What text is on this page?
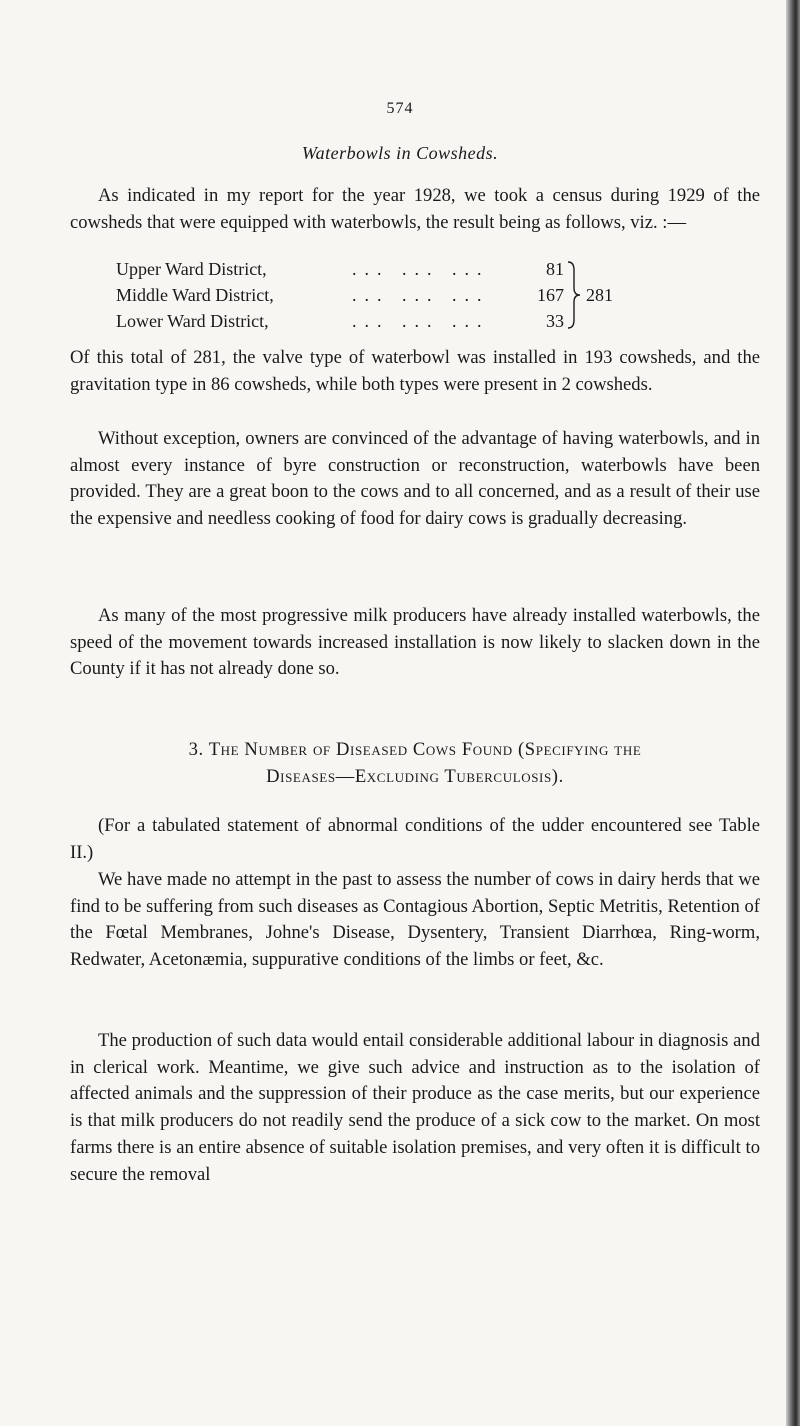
574
Waterbowls in Cowsheds.
As indicated in my report for the year 1928, we took a census during 1929 of the cowsheds that were equipped with waterbowls, the result being as follows, viz. :—
Upper Ward District,	... ... ...	81
Middle Ward District,	... ... ...	167
Lower Ward District,	... ... ...	33
281
Of this total of 281, the valve type of waterbowl was installed in 193 cowsheds, and the gravitation type in 86 cowsheds, while both types were present in 2 cowsheds.
Without exception, owners are convinced of the advantage of having waterbowls, and in almost every instance of byre construction or reconstruction, waterbowls have been provided. They are a great boon to the cows and to all concerned, and as a result of their use the expensive and needless cooking of food for dairy cows is gradually decreasing.
As many of the most progressive milk producers have already installed waterbowls, the speed of the movement towards increased installation is now likely to slacken down in the County if it has not already done so.
3. The Number of Diseased Cows Found (Specifying the
Diseases—Excluding Tuberculosis).
(For a tabulated statement of abnormal conditions of the udder encountered see Table II.)
We have made no attempt in the past to assess the number of cows in dairy herds that we find to be suffering from such diseases as Contagious Abortion, Septic Metritis, Retention of the Fœtal Membranes, Johne's Disease, Dysentery, Transient Diarrhœa, Ring-worm, Redwater, Acetonæmia, suppurative conditions of the limbs or feet, &c.
The production of such data would entail considerable additional labour in diagnosis and in clerical work. Meantime, we give such advice and instruction as to the isolation of affected animals and the suppression of their produce as the case merits, but our experience is that milk producers do not readily send the produce of a sick cow to the market. On most farms there is an entire absence of suitable isolation premises, and very often it is difficult to secure the removal
